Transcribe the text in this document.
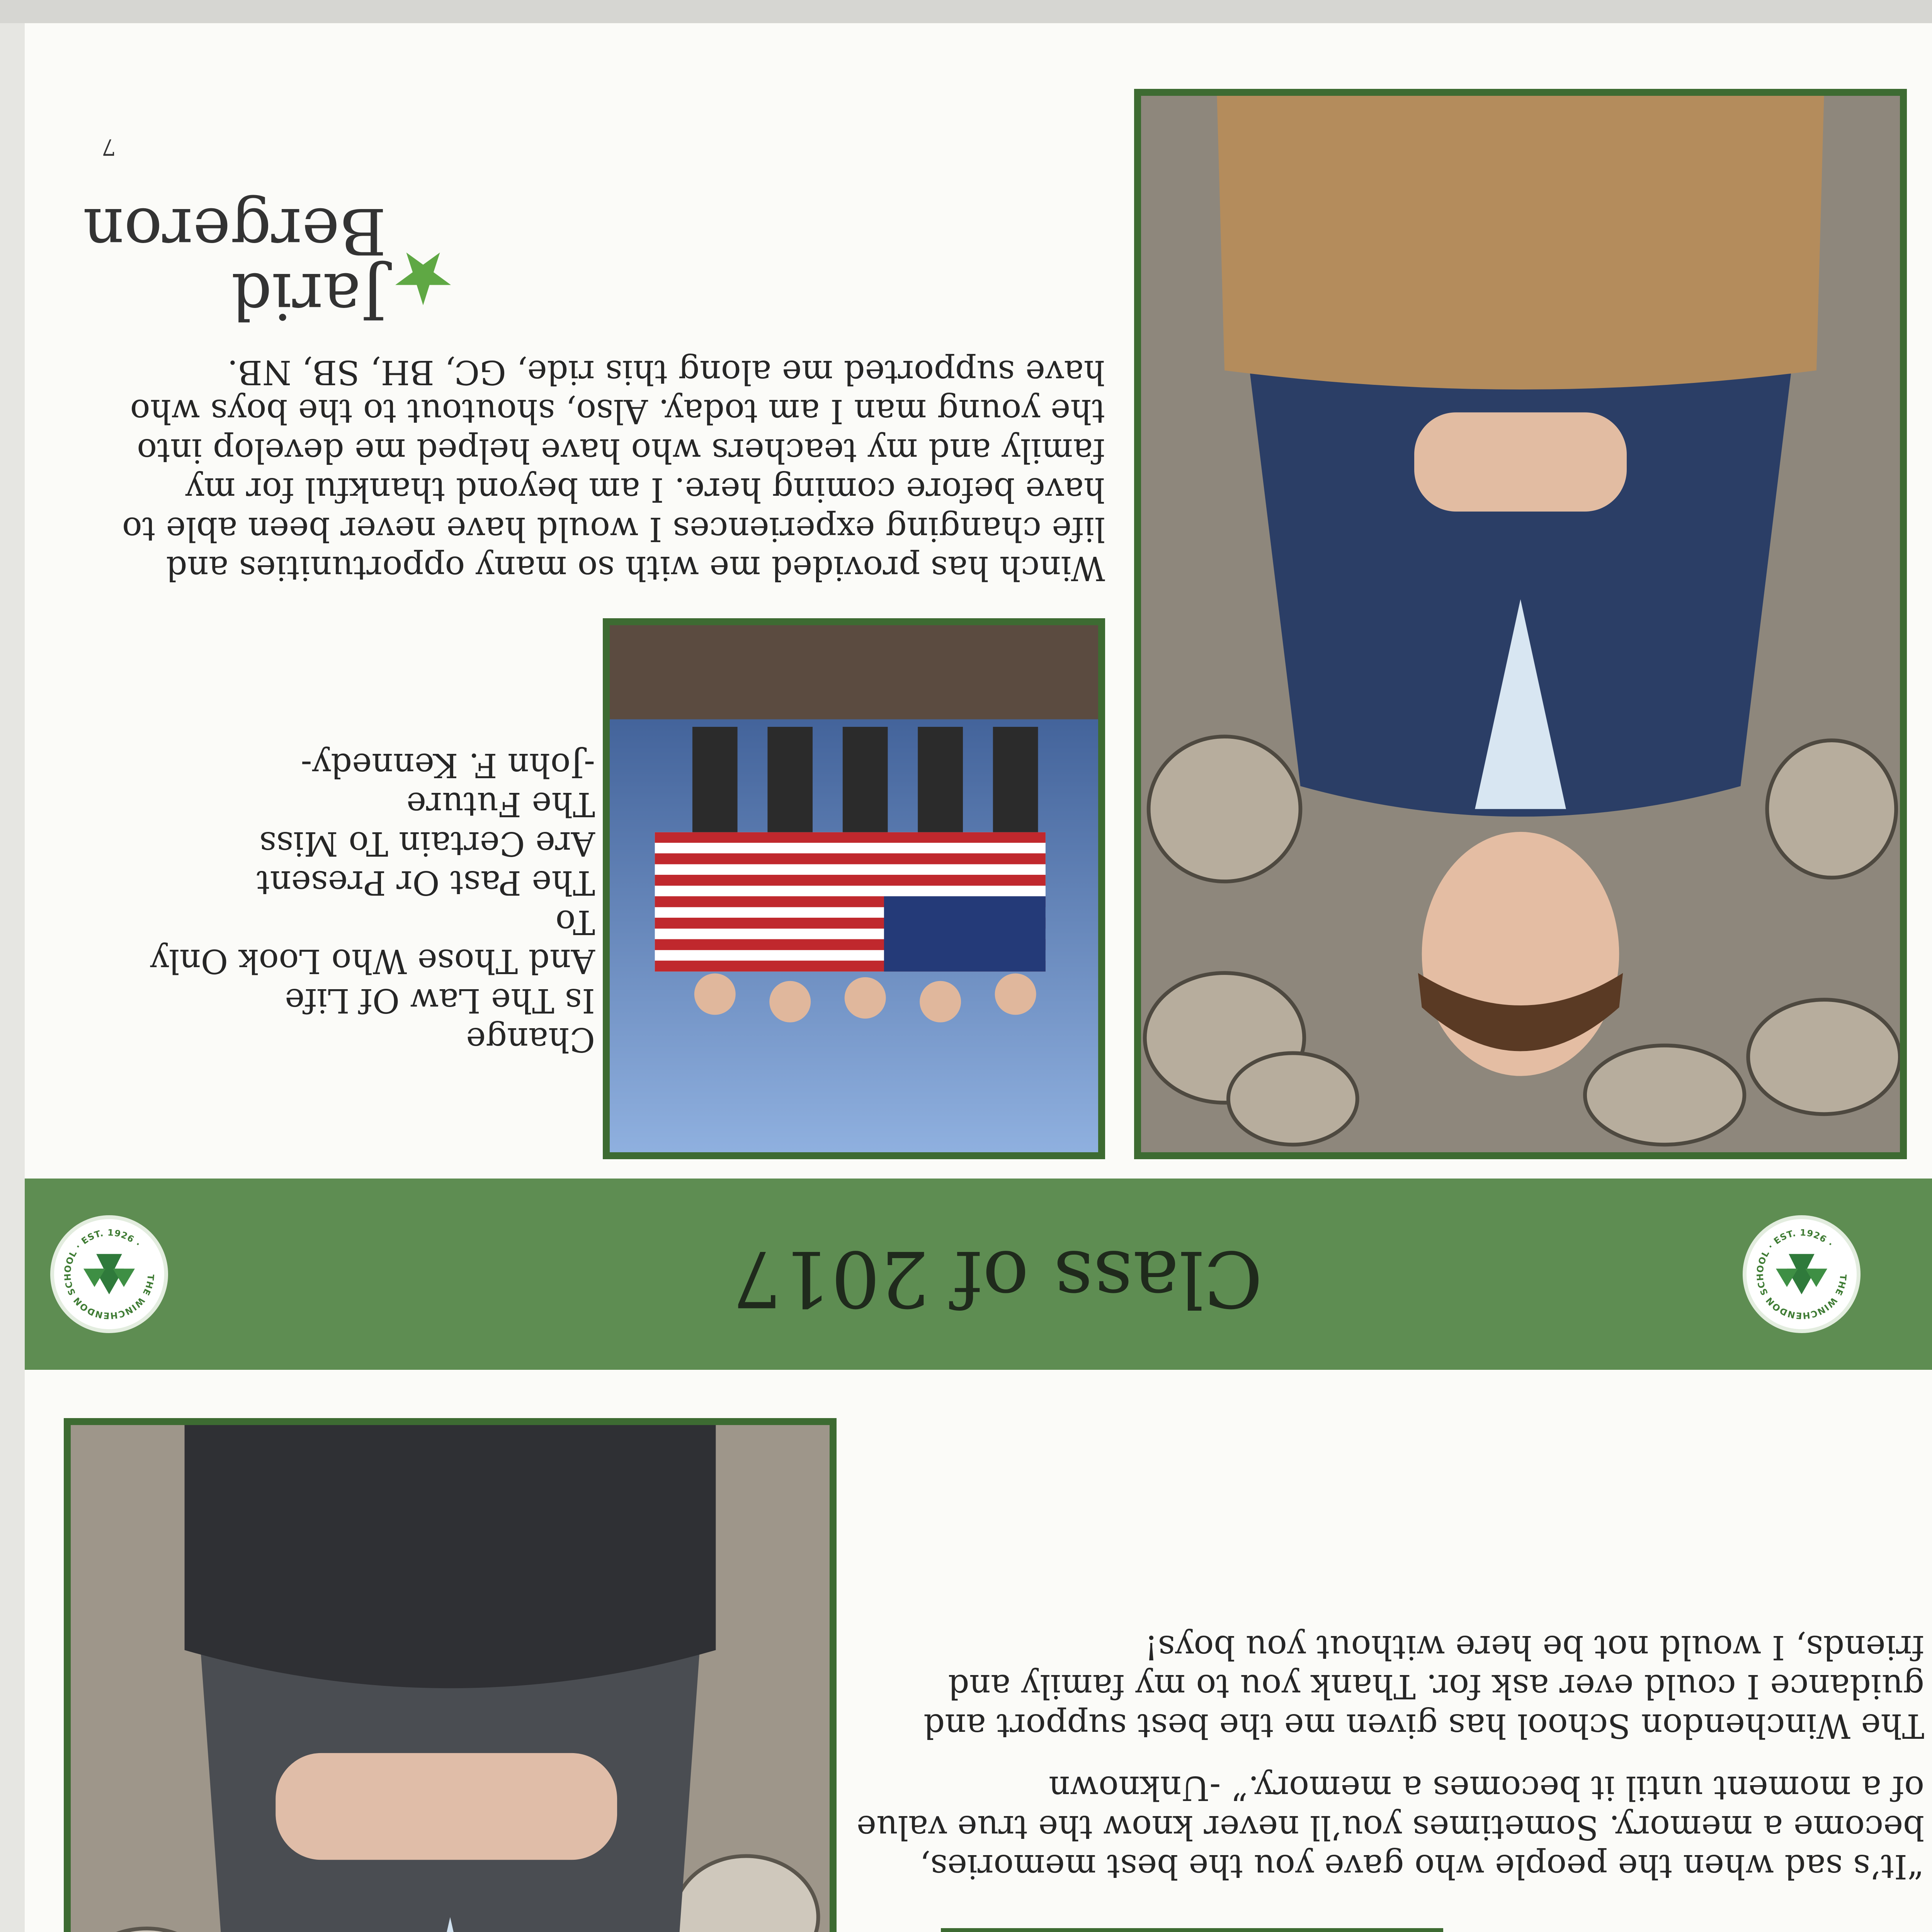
“It’s sad when the people who gave you the best memories, become a memory. Sometimes you’ll never know the true value of a moment until it becomes a memory.” -Unknown

The Winchendon School has given me the best support and guidance I could ever ask for. Thank you to my family and friends, I would not be here without you boys!

Class of 2017	THE WINCHENDON SCHOOL · EST. 1926 ·
THE WINCHENDON SCHOOL · EST. 1926 ·

Winch has provided me with so many opportunities and life changing experiences I would have never been able to have before coming here. I am beyond thankful for my family and my teachers who have helped me develop into the young man I am today. Also, shoutout to the boys who have supported me along this ride, GC, BH, SB, NB.

Change
Is The Law Of Life
And Those Who Look Only
To
The Past Or Present
Are Certain To Miss
The Future
-John F. Kennedy-
Jarid
Bergeron
7
